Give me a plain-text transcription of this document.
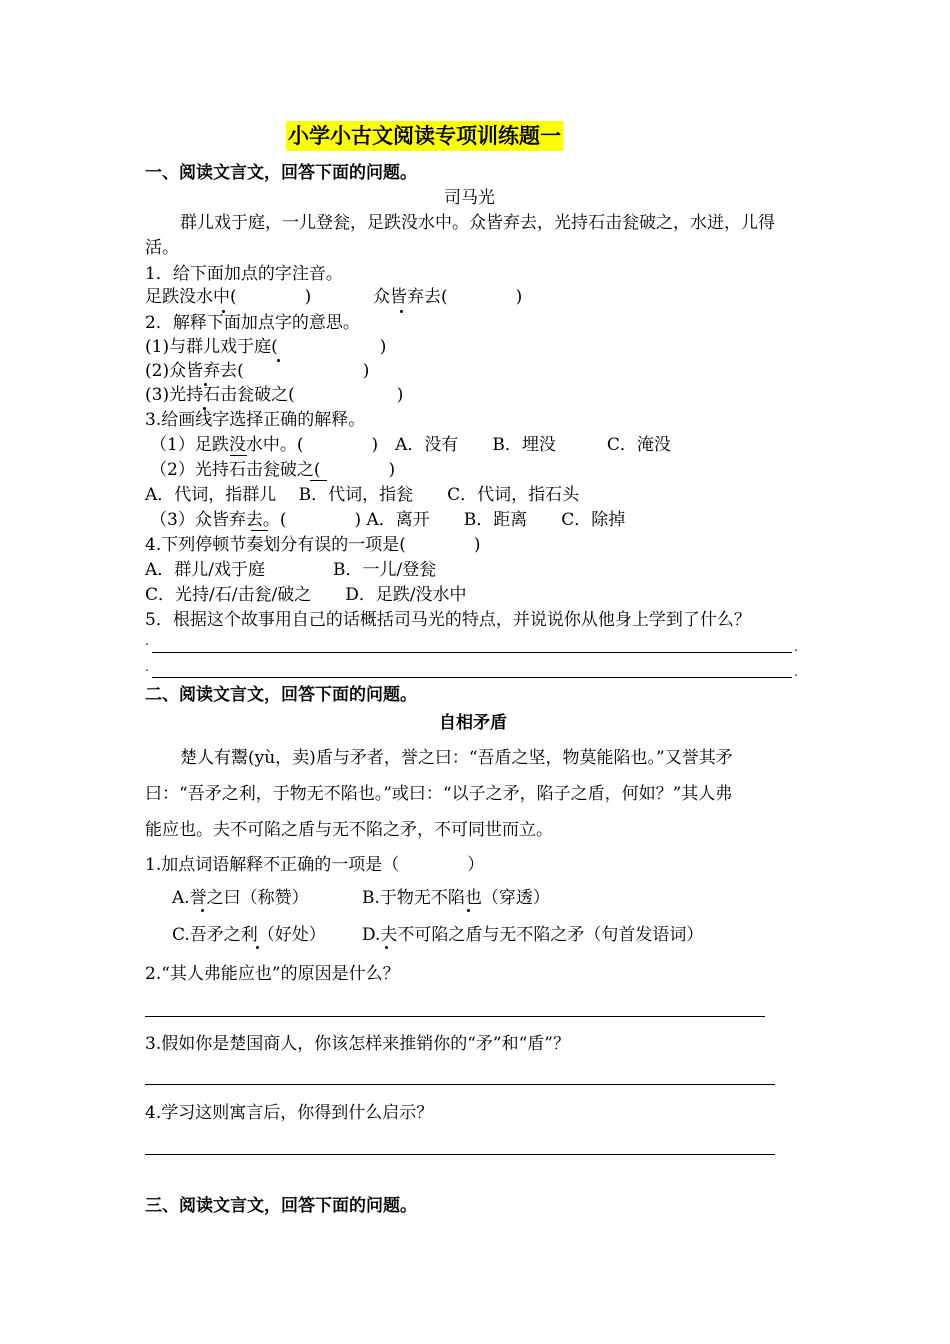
小学小古文阅读专项训练题一
一、阅读文言文，回答下面的问题。
司马光
群儿戏于庭，一儿登瓮，足跌没水中。众皆弃去，光持石击瓮破之，水迸，儿得
活。
1．给下面加点的字注音。
足跌没水中(　　　　)	众皆弃去(　　　　)
2．解释下面加点字的意思。
(1)与群儿戏于庭(　　　　　　)
(2)众皆弃去(　　　　　　　)
(3)光持石击瓮破之(　　　　　　)
3.给画线字选择正确的解释。
（1）足跌没水中。(　　　　)　A．没有　　B．埋没　　　C．淹没
（2）光持石击瓮破之(　　　　)
A．代词，指群儿　 B．代词，指瓮　　C．代词，指石头
（3）众皆弃去。(　　　　) A．离开　　B．距离　　C．除掉
4.下列停顿节奏划分有误的一项是(　　　　)
A．群儿/戏于庭　　　　B．一儿/登瓮
C．光持/石/击瓮/破之　　D．足跌/没水中
5．根据这个故事用自己的话概括司马光的特点，并说说你从他身上学到了什么？
.	.
.	.
二、阅读文言文，回答下面的问题。
自相矛盾
楚人有鬻(yù，卖)盾与矛者，誉之曰：“吾盾之坚，物莫能陷也。”又誉其矛
曰：“吾矛之利，于物无不陷也。”或曰：“以子之矛，陷子之盾，何如？”其人弗
能应也。夫不可陷之盾与无不陷之矛，不可同世而立。
1.加点词语解释不正确的一项是（　　　　）
A.誉之曰（称赞）	B.于物无不陷也（穿透）
C.吾矛之利（好处） D.夫不可陷之盾与无不陷之矛（句首发语词）
2.“其人弗能应也”的原因是什么？
3.假如你是楚国商人，你该怎样来推销你的“矛”和“盾”？
4.学习这则寓言后，你得到什么启示？
三、阅读文言文，回答下面的问题。
